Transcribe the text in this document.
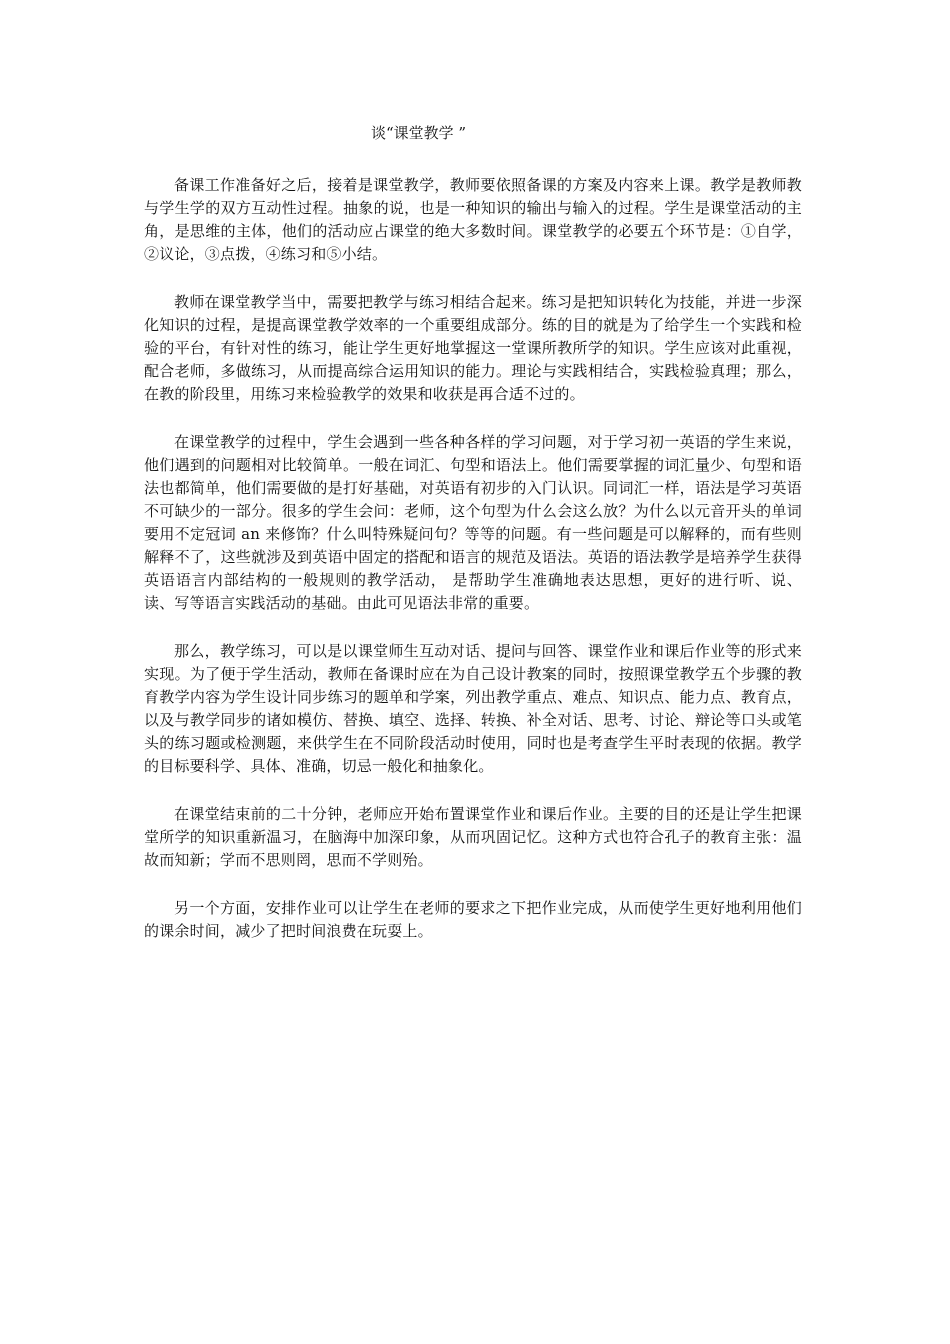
谈“课堂教学 ”

备课工作准备好之后，接着是课堂教学，教师要依照备课的方案及内容来上课。教学是教师教与学生学的双方互动性过程。抽象的说，也是一种知识的输出与输入的过程。学生是课堂活动的主角，是思维的主体，他们的活动应占课堂的绝大多数时间。课堂教学的必要五个环节是：①自学，②议论，③点拨，④练习和⑤小结。

教师在课堂教学当中，需要把教学与练习相结合起来。练习是把知识转化为技能，并进一步深化知识的过程，是提高课堂教学效率的一个重要组成部分。练的目的就是为了给学生一个实践和检验的平台，有针对性的练习，能让学生更好地掌握这一堂课所教所学的知识。学生应该对此重视，配合老师，多做练习，从而提高综合运用知识的能力。理论与实践相结合，实践检验真理；那么，在教的阶段里，用练习来检验教学的效果和收获是再合适不过的。

在课堂教学的过程中，学生会遇到一些各种各样的学习问题，对于学习初一英语的学生来说，他们遇到的问题相对比较简单。一般在词汇、句型和语法上。他们需要掌握的词汇量少、句型和语法也都简单，他们需要做的是打好基础，对英语有初步的入门认识。同词汇一样，语法是学习英语不可缺少的一部分。很多的学生会问：老师，这个句型为什么会这么放？为什么以元音开头的单词要用不定冠词 an 来修饰？什么叫特殊疑问句？等等的问题。有一些问题是可以解释的，而有些则解释不了，这些就涉及到英语中固定的搭配和语言的规范及语法。英语的语法教学是培养学生获得英语语言内部结构的一般规则的教学活动， 是帮助学生准确地表达思想，更好的进行听、说、读、写等语言实践活动的基础。由此可见语法非常的重要。

那么，教学练习，可以是以课堂师生互动对话、提问与回答、课堂作业和课后作业等的形式来实现。为了便于学生活动，教师在备课时应在为自己设计教案的同时，按照课堂教学五个步骤的教育教学内容为学生设计同步练习的题单和学案，列出教学重点、难点、知识点、能力点、教育点，以及与教学同步的诸如模仿、替换、填空、选择、转换、补全对话、思考、讨论、辩论等口头或笔头的练习题或检测题，来供学生在不同阶段活动时使用，同时也是考查学生平时表现的依据。教学的目标要科学、具体、准确，切忌一般化和抽象化。

在课堂结束前的二十分钟，老师应开始布置课堂作业和课后作业。主要的目的还是让学生把课堂所学的知识重新温习，在脑海中加深印象，从而巩固记忆。这种方式也符合孔子的教育主张：温故而知新；学而不思则罔，思而不学则殆。

另一个方面，安排作业可以让学生在老师的要求之下把作业完成，从而使学生更好地利用他们的课余时间，减少了把时间浪费在玩耍上。
